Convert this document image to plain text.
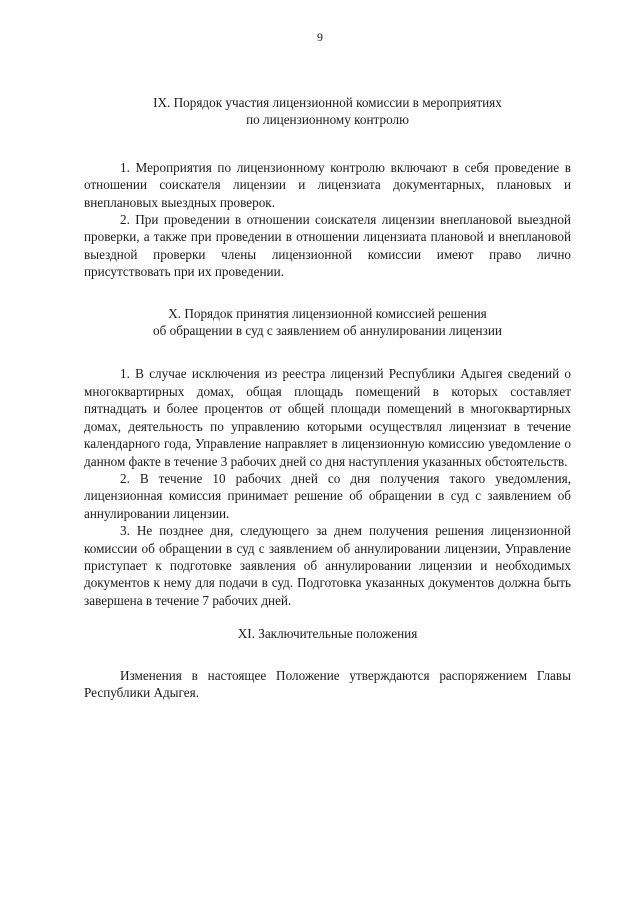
9

IX. Порядок участия лицензионной комиссии в мероприятиях
по лицензионному контролю

1. Мероприятия по лицензионному контролю включают в себя проведение в отношении соискателя лицензии и лицензиата документарных, плановых и внеплановых выездных проверок.

2. При проведении в отношении соискателя лицензии внеплановой выездной проверки, а также при проведении в отношении лицензиата плановой и внеплановой выездной проверки члены лицензионной комиссии имеют право лично присутствовать при их проведении.

X. Порядок принятия лицензионной комиссией решения
об обращении в суд с заявлением об аннулировании лицензии

1. В случае исключения из реестра лицензий Республики Адыгея сведений о многоквартирных домах, общая площадь помещений в которых составляет пятнадцать и более процентов от общей площади помещений в многоквартирных домах, деятельность по управлению которыми осуществлял лицензиат в течение календарного года, Управление направляет в лицензионную комиссию уведомление о данном факте в течение 3 рабочих дней со дня наступления указанных обстоятельств.

2. В течение 10 рабочих дней со дня получения такого уведомления, лицензионная комиссия принимает решение об обращении в суд с заявлением об аннулировании лицензии.

3. Не позднее дня, следующего за днем получения решения лицензионной комиссии об обращении в суд с заявлением об аннулировании лицензии, Управление приступает к подготовке заявления об аннулировании лицензии и необходимых документов к нему для подачи в суд. Подготовка указанных документов должна быть завершена в течение 7 рабочих дней.

XI. Заключительные положения

Изменения в настоящее Положение утверждаются распоряжением Главы Республики Адыгея.
